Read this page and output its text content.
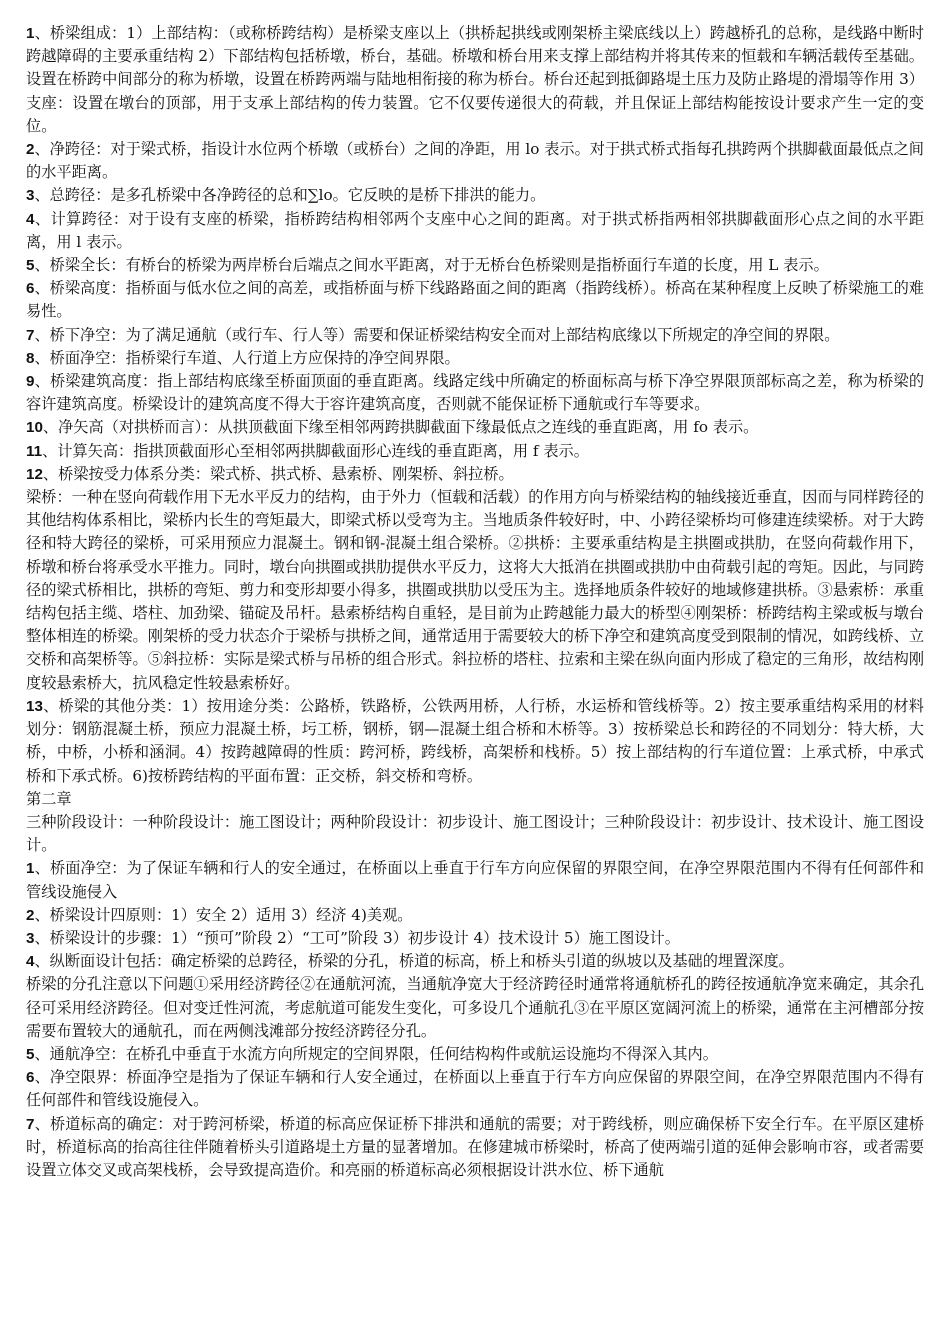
1、桥梁组成：1）上部结构：（或称桥跨结构）是桥梁支座以上（拱桥起拱线或刚架桥主梁底线以上）跨越桥孔的总称，是线路中断时跨越障碍的主要承重结构 2）下部结构包括桥墩，桥台，基础。桥墩和桥台用来支撑上部结构并将其传来的恒载和车辆活载传至基础。设置在桥跨中间部分的称为桥墩，设置在桥跨两端与陆地相衔接的称为桥台。桥台还起到抵御路堤土压力及防止路堤的滑塌等作用 3）支座：设置在墩台的顶部，用于支承上部结构的传力装置。它不仅要传递很大的荷载，并且保证上部结构能按设计要求产生一定的变位。

2、净跨径：对于梁式桥，指设计水位两个桥墩（或桥台）之间的净距，用 lo 表示。对于拱式桥式指每孔拱跨两个拱脚截面最低点之间的水平距离。

3、总跨径：是多孔桥梁中各净跨径的总和∑lo。它反映的是桥下排洪的能力。

4、计算跨径：对于设有支座的桥梁，指桥跨结构相邻两个支座中心之间的距离。对于拱式桥指两相邻拱脚截面形心点之间的水平距离，用 l 表示。

5、桥梁全长：有桥台的桥梁为两岸桥台后端点之间水平距离，对于无桥台色桥梁则是指桥面行车道的长度，用 L 表示。

6、桥梁高度：指桥面与低水位之间的高差，或指桥面与桥下线路路面之间的距离（指跨线桥）。桥高在某种程度上反映了桥梁施工的难易性。

7、桥下净空：为了满足通航（或行车、行人等）需要和保证桥梁结构安全而对上部结构底缘以下所规定的净空间的界限。

8、桥面净空：指桥梁行车道、人行道上方应保持的净空间界限。

9、桥梁建筑高度：指上部结构底缘至桥面顶面的垂直距离。线路定线中所确定的桥面标高与桥下净空界限顶部标高之差，称为桥梁的容许建筑高度。桥梁设计的建筑高度不得大于容许建筑高度，否则就不能保证桥下通航或行车等要求。

10、净矢高（对拱桥而言）：从拱顶截面下缘至相邻两跨拱脚截面下缘最低点之连线的垂直距离，用 fo 表示。

11、计算矢高：指拱顶截面形心至相邻两拱脚截面形心连线的垂直距离，用 f 表示。

12、桥梁按受力体系分类：梁式桥、拱式桥、悬索桥、刚架桥、斜拉桥。

梁桥：一种在竖向荷载作用下无水平反力的结构，由于外力（恒载和活载）的作用方向与桥梁结构的轴线接近垂直，因而与同样跨径的其他结构体系相比，梁桥内长生的弯矩最大，即梁式桥以受弯为主。当地质条件较好时，中、小跨径梁桥均可修建连续梁桥。对于大跨径和特大跨径的梁桥，可采用预应力混凝土。钢和钢-混凝土组合梁桥。②拱桥：主要承重结构是主拱圈或拱肋，在竖向荷载作用下，桥墩和桥台将承受水平推力。同时，墩台向拱圈或拱肋提供水平反力，这将大大抵消在拱圈或拱肋中由荷载引起的弯矩。因此，与同跨径的梁式桥相比，拱桥的弯矩、剪力和变形却要小得多，拱圈或拱肋以受压为主。选择地质条件较好的地域修建拱桥。③悬索桥：承重结构包括主缆、塔柱、加劲梁、锚碇及吊杆。悬索桥结构自重轻，是目前为止跨越能力最大的桥型④刚架桥：桥跨结构主梁或板与墩台整体相连的桥梁。刚架桥的受力状态介于梁桥与拱桥之间，通常适用于需要较大的桥下净空和建筑高度受到限制的情况，如跨线桥、立交桥和高架桥等。⑤斜拉桥：实际是梁式桥与吊桥的组合形式。斜拉桥的塔柱、拉索和主梁在纵向面内形成了稳定的三角形，故结构刚度较悬索桥大，抗风稳定性较悬索桥好。

13、桥梁的其他分类：1）按用途分类：公路桥，铁路桥，公铁两用桥，人行桥，水运桥和管线桥等。2）按主要承重结构采用的材料划分：钢筋混凝土桥，预应力混凝土桥，圬工桥，钢桥，钢—混凝土组合桥和木桥等。3）按桥梁总长和跨径的不同划分：特大桥，大桥，中桥，小桥和涵洞。4）按跨越障碍的性质：跨河桥，跨线桥，高架桥和栈桥。5）按上部结构的行车道位置：上承式桥，中承式桥和下承式桥。6)按桥跨结构的平面布置：正交桥，斜交桥和弯桥。

第二章

三种阶段设计：一种阶段设计：施工图设计；两种阶段设计：初步设计、施工图设计；三种阶段设计：初步设计、技术设计、施工图设计。

1、桥面净空：为了保证车辆和行人的安全通过，在桥面以上垂直于行车方向应保留的界限空间，在净空界限范围内不得有任何部件和管线设施侵入

2、桥梁设计四原则：1）安全 2）适用 3）经济 4)美观。

3、桥梁设计的步骤：1）“预可”阶段 2）“工可”阶段 3）初步设计 4）技术设计 5）施工图设计。

4、纵断面设计包括：确定桥梁的总跨径，桥梁的分孔，桥道的标高，桥上和桥头引道的纵坡以及基础的埋置深度。

桥梁的分孔注意以下问题①采用经济跨径②在通航河流，当通航净宽大于经济跨径时通常将通航桥孔的跨径按通航净宽来确定，其余孔径可采用经济跨径。但对变迁性河流，考虑航道可能发生变化，可多设几个通航孔③在平原区宽阔河流上的桥梁，通常在主河槽部分按需要布置较大的通航孔，而在两侧浅滩部分按经济跨径分孔。

5、通航净空：在桥孔中垂直于水流方向所规定的空间界限，任何结构构件或航运设施均不得深入其内。

6、净空限界：桥面净空是指为了保证车辆和行人安全通过，在桥面以上垂直于行车方向应保留的界限空间，在净空界限范围内不得有任何部件和管线设施侵入。

7、桥道标高的确定：对于跨河桥梁，桥道的标高应保证桥下排洪和通航的需要；对于跨线桥，则应确保桥下安全行车。在平原区建桥时，桥道标高的抬高往往伴随着桥头引道路堤土方量的显著增加。在修建城市桥梁时，桥高了使两端引道的延伸会影响市容，或者需要设置立体交叉或高架栈桥，会导致提高造价。和亮丽的桥道标高必须根据设计洪水位、桥下通航
